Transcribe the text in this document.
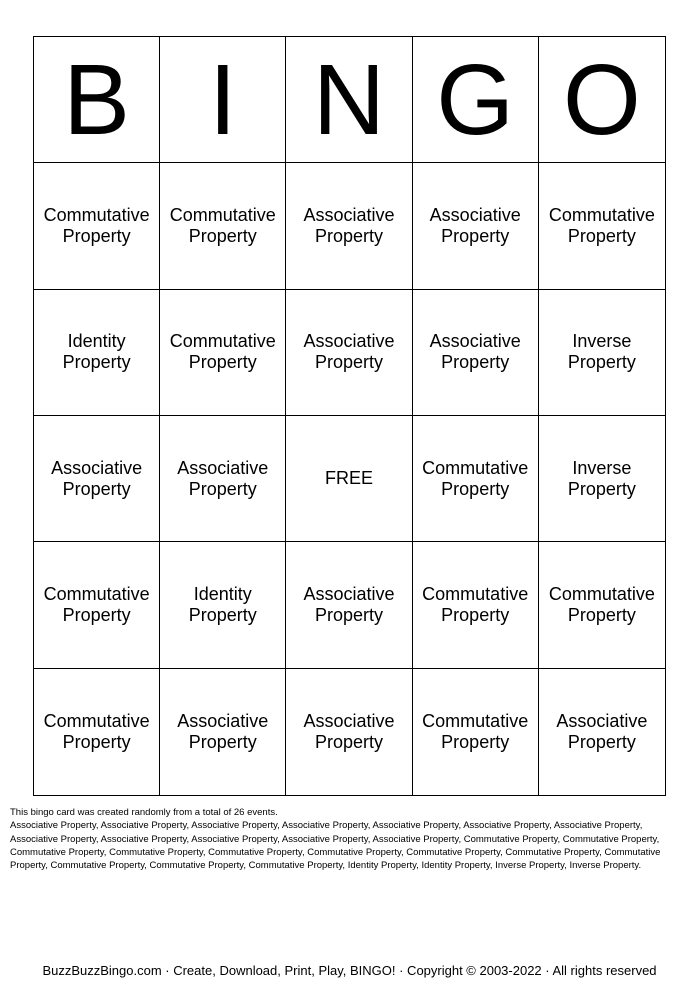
B I N G O
Commutative Property
Commutative Property
Associative Property
Associative Property
Commutative Property
Identity Property
Commutative Property
Associative Property
Associative Property
Inverse Property
Associative Property
Associative Property
FREE
Commutative Property
Inverse Property
Commutative Property
Identity Property
Associative Property
Commutative Property
Commutative Property
Commutative Property
Associative Property
Associative Property
Commutative Property
Associative Property
This bingo card was created randomly from a total of 26 events.
Associative Property, Associative Property, Associative Property, Associative Property, Associative Property, Associative Property, Associative Property, Associative Property, Associative Property, Associative Property, Associative Property, Associative Property, Commutative Property, Commutative Property, Commutative Property, Commutative Property, Commutative Property, Commutative Property, Commutative Property, Commutative Property, Commutative Property, Commutative Property, Commutative Property, Commutative Property, Identity Property, Identity Property, Inverse Property, Inverse Property.
BuzzBuzzBingo.com · Create, Download, Print, Play, BINGO! · Copyright © 2003-2022 · All rights reserved
